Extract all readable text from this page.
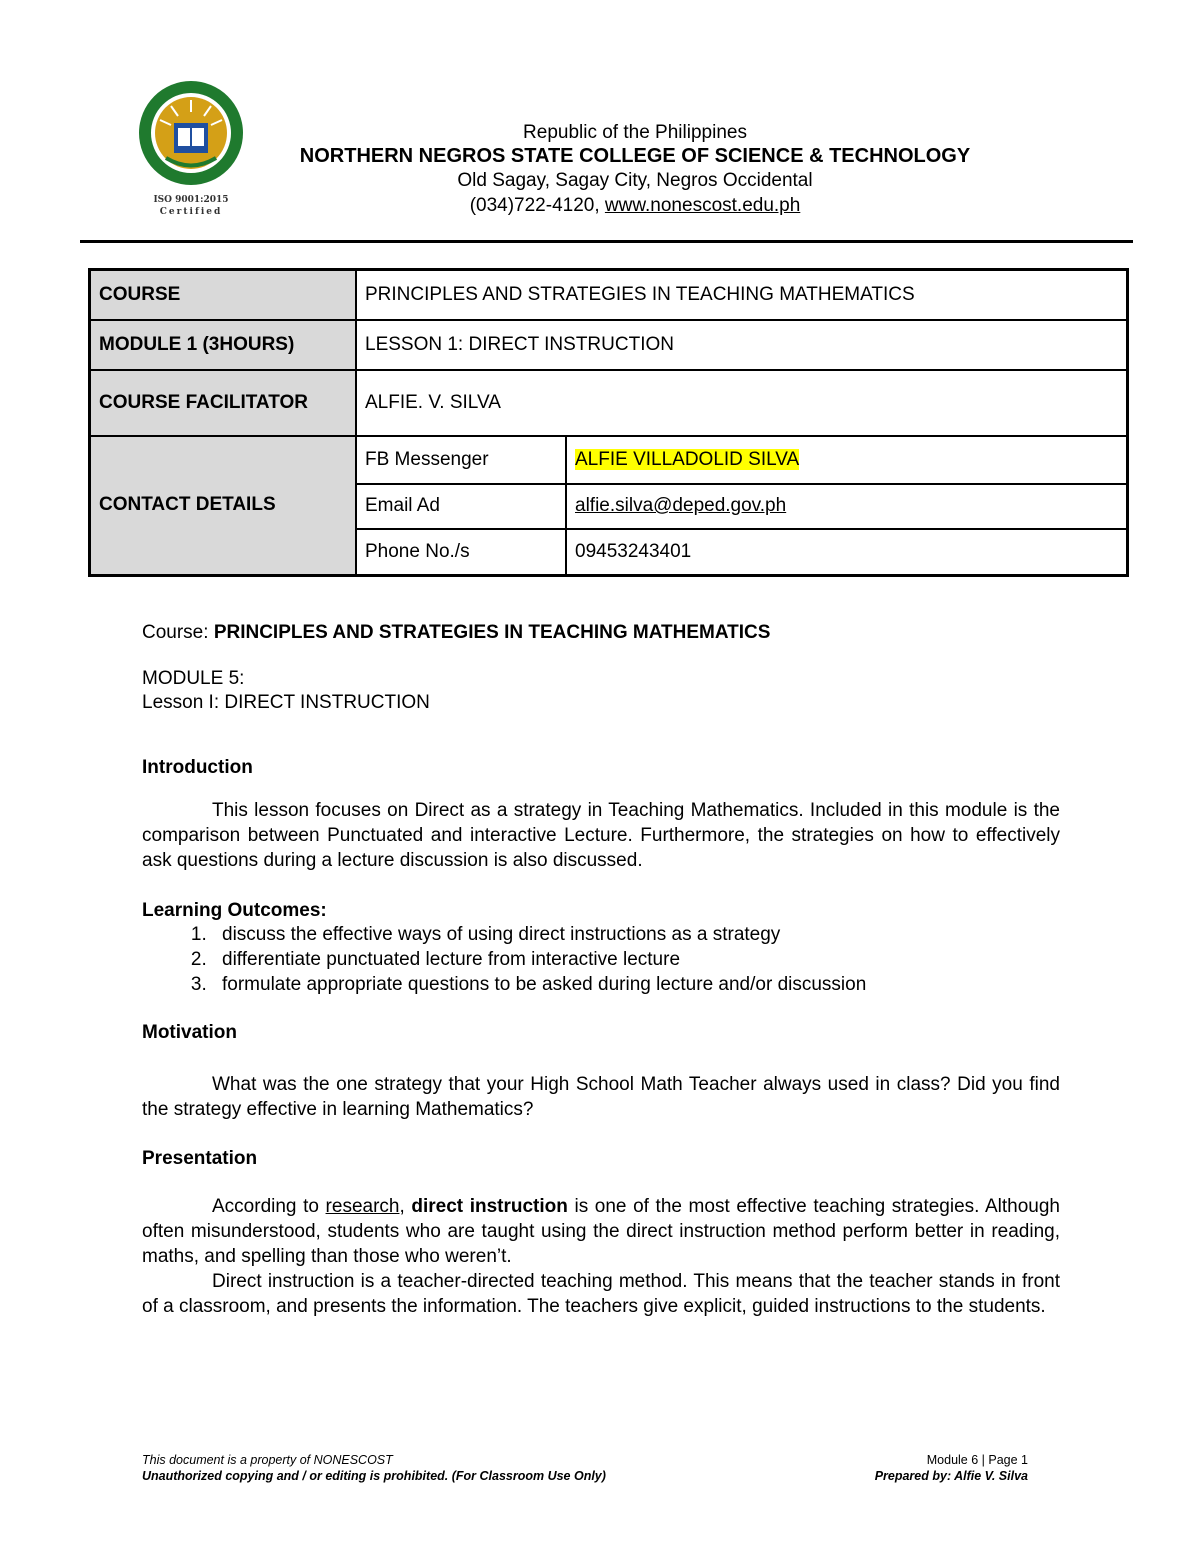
ISO 9001:2015
Certified
Republic of the Philippines
NORTHERN NEGROS STATE COLLEGE OF SCIENCE & TECHNOLOGY
Old Sagay, Sagay City, Negros Occidental
(034)722-4120, www.nonescost.edu.ph
COURSE	PRINCIPLES AND STRATEGIES IN TEACHING MATHEMATICS	
MODULE 1 (3HOURS)	LESSON 1: DIRECT INSTRUCTION	
COURSE FACILITATOR	ALFIE. V. SILVA	
CONTACT DETAILS	FB Messenger	ALFIE VILLADOLID SILVA
	Email Ad	alfie.silva@deped.gov.ph
	Phone No./s	09453243401
Course: PRINCIPLES AND STRATEGIES IN TEACHING MATHEMATICS
MODULE 5:
Lesson I: DIRECT INSTRUCTION
Introduction
This lesson focuses on Direct as a strategy in Teaching Mathematics. Included in this module is the comparison between Punctuated and interactive Lecture. Furthermore, the strategies on how to effectively ask questions during a lecture discussion is also discussed.
Learning Outcomes:
1. discuss the effective ways of using direct instructions as a strategy
2. differentiate punctuated lecture from interactive lecture
3. formulate appropriate questions to be asked during lecture and/or discussion
Motivation
What was the one strategy that your High School Math Teacher always used in class? Did you find the strategy effective in learning Mathematics?
Presentation
According to research, direct instruction is one of the most effective teaching strategies. Although often misunderstood, students who are taught using the direct instruction method perform better in reading, maths, and spelling than those who weren’t.
Direct instruction is a teacher-directed teaching method. This means that the teacher stands in front of a classroom, and presents the information. The teachers give explicit, guided instructions to the students.
This document is a property of NONESCOST
Unauthorized copying and / or editing is prohibited. (For Classroom Use Only)
Module 6 | Page 1
Prepared by: Alfie V. Silva
